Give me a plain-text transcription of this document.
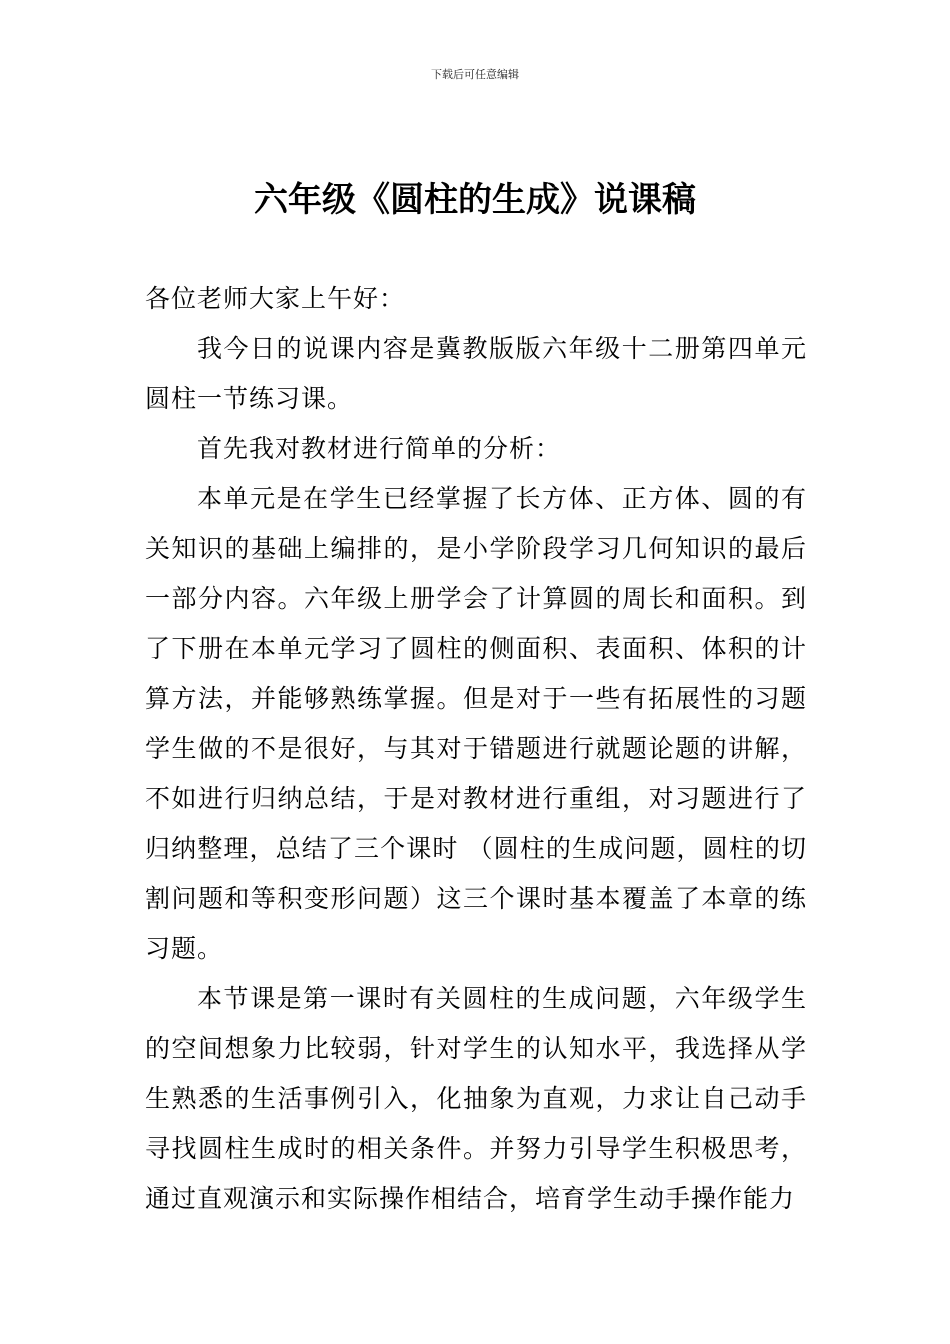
下载后可任意编辑
六年级《圆柱的生成》说课稿

各位老师大家上午好：

我今日的说课内容是冀教版版六年级十二册第四单元圆柱一节练习课。

首先我对教材进行简单的分析：

本单元是在学生已经掌握了长方体、正方体、圆的有关知识的基础上编排的，是小学阶段学习几何知识的最后一部分内容。六年级上册学会了计算圆的周长和面积。到了下册在本单元学习了圆柱的侧面积、表面积、体积的计算方法，并能够熟练掌握。但是对于一些有拓展性的习题学生做的不是很好，与其对于错题进行就题论题的讲解，不如进行归纳总结，于是对教材进行重组，对习题进行了归纳整理，总结了三个课时 （圆柱的生成问题，圆柱的切割问题和等积变形问题）这三个课时基本覆盖了本章的练习题。

本节课是第一课时有关圆柱的生成问题，六年级学生的空间想象力比较弱，针对学生的认知水平，我选择从学生熟悉的生活事例引入，化抽象为直观，力求让自己动手寻找圆柱生成时的相关条件。并努力引导学生积极思考，通过直观演示和实际操作相结合，培育学生动手操作能力
